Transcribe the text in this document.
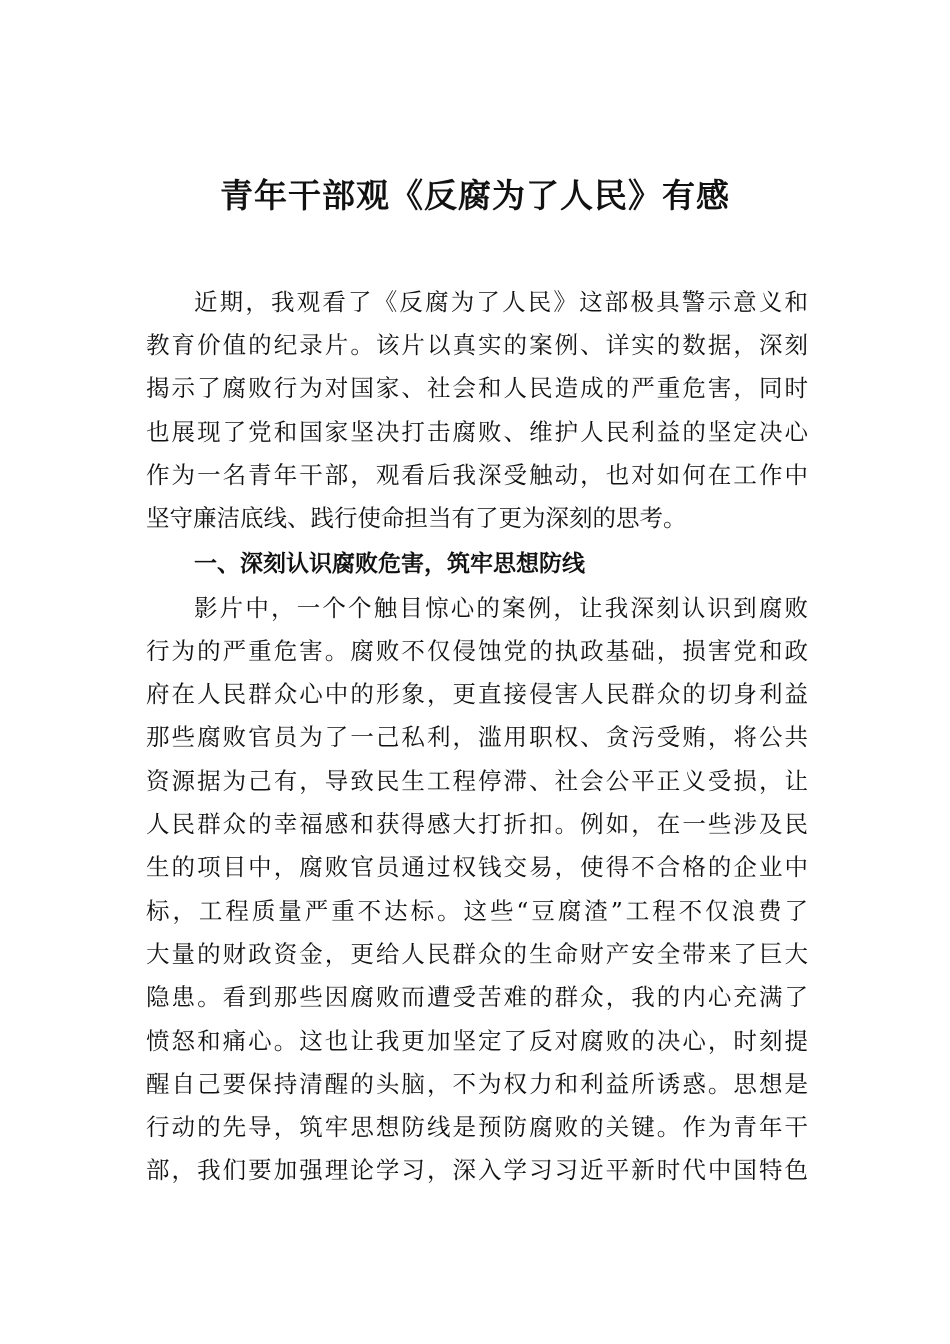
青年干部观《反腐为了人民》有感
近期，我观看了《反腐为了人民》这部极具警示意义和
教育价值的纪录片。该片以真实的案例、详实的数据，深刻
揭示了腐败行为对国家、社会和人民造成的严重危害，同时
也展现了党和国家坚决打击腐败、维护人民利益的坚定决心
作为一名青年干部，观看后我深受触动，也对如何在工作中
坚守廉洁底线、践行使命担当有了更为深刻的思考。
一、深刻认识腐败危害，筑牢思想防线
影片中，一个个触目惊心的案例，让我深刻认识到腐败
行为的严重危害。腐败不仅侵蚀党的执政基础，损害党和政
府在人民群众心中的形象，更直接侵害人民群众的切身利益
那些腐败官员为了一己私利，滥用职权、贪污受贿，将公共
资源据为己有，导致民生工程停滞、社会公平正义受损，让
人民群众的幸福感和获得感大打折扣。例如，在一些涉及民
生的项目中，腐败官员通过权钱交易，使得不合格的企业中
标，工程质量严重不达标。这些“豆腐渣”工程不仅浪费了
大量的财政资金，更给人民群众的生命财产安全带来了巨大
隐患。看到那些因腐败而遭受苦难的群众，我的内心充满了
愤怒和痛心。这也让我更加坚定了反对腐败的决心，时刻提
醒自己要保持清醒的头脑，不为权力和利益所诱惑。思想是
行动的先导，筑牢思想防线是预防腐败的关键。作为青年干
部，我们要加强理论学习，深入学习习近平新时代中国特色
